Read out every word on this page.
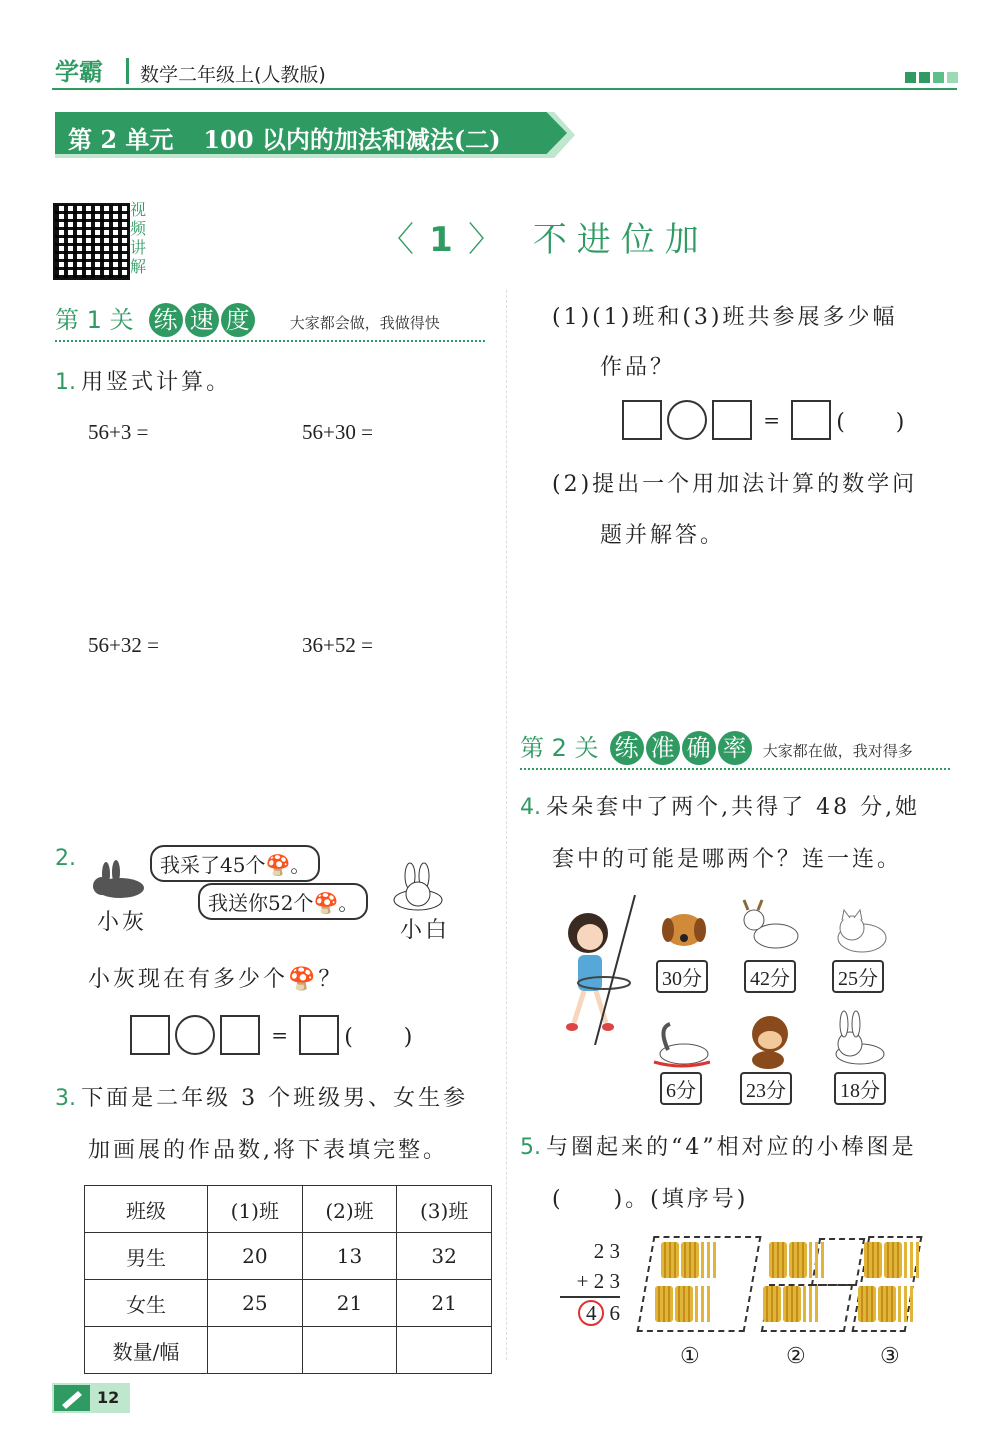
学霸 数学二年级上(人教版)
第 2 单元 100 以内的加法和减法(二)
视频讲解
〈 1 〉 不进位加
第 1 关 练 速 度	大家都会做，我做得快
1. 用竖式计算。
56+3 =	56+30 =
56+32 =	36+52 =
2.	我采了45个🍄。
我送你52个🍄。
小灰	小白
小灰现在有多少个🍄？
=	(　　 )
3. 下面是二年级 3 个班级男、女生参
加画展的作品数,将下表填完整。
班级	(1)班	(2)班	(3)班
男生	20	13	32
女生	25	21	21
数量/幅			
(1)(1)班和(3)班共参展多少幅
作品？
=	(　　 )
(2)提出一个用加法计算的数学问
题并解答。
第 2 关 练 准 确 率 大家都在做，我对得多
4. 朵朵套中了两个,共得了 48 分,她
套中的可能是哪两个？连一连。
30分	42分	25分
6分	23分	18分
5. 与圈起来的“4”相对应的小棒图是
(　　)。(填序号)
2 3
+ 2 3
4 6
①	②	③
12
